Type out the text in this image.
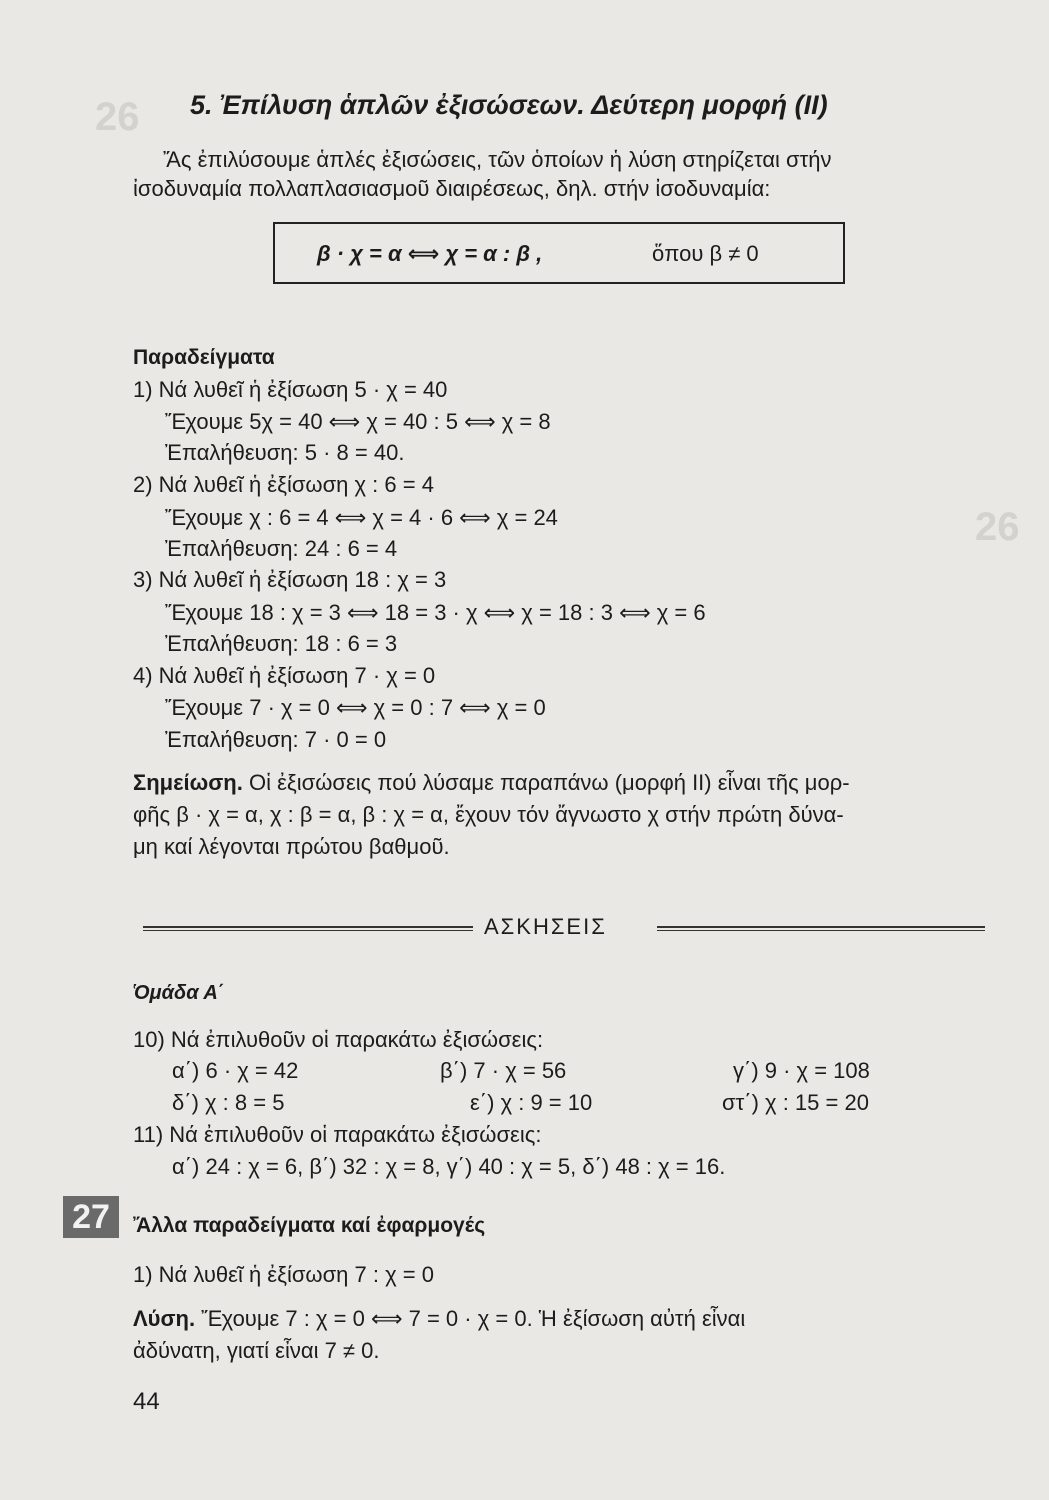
26
26
5. Ἐπίλυση ἁπλῶν ἐξισώσεων. Δεύτερη μορφή (ΙΙ)
Ἄς ἐπιλύσουμε ἁπλές ἐξισώσεις, τῶν ὁποίων ἡ λύση στηρίζεται στήν
ἰσοδυναμία πολλαπλασιασμοῦ διαιρέσεως, δηλ. στήν ἰσοδυναμία:
β · χ = α ⟺ χ = α : β ,	ὅπου β ≠ 0
Παραδείγματα
1) Νά λυθεῖ ἡ ἐξίσωση 5 · χ = 40
Ἔχουμε 5χ = 40 ⟺ χ = 40 : 5 ⟺ χ = 8
Ἐπαλήθευση: 5 · 8 = 40.
2) Νά λυθεῖ ἡ ἐξίσωση χ : 6 = 4
Ἔχουμε χ : 6 = 4 ⟺ χ = 4 · 6 ⟺ χ = 24
Ἐπαλήθευση: 24 : 6 = 4
3) Νά λυθεῖ ἡ ἐξίσωση 18 : χ = 3
Ἔχουμε 18 : χ = 3 ⟺ 18 = 3 · χ ⟺ χ = 18 : 3 ⟺ χ = 6
Ἐπαλήθευση: 18 : 6 = 3
4) Νά λυθεῖ ἡ ἐξίσωση 7 · χ = 0
Ἔχουμε 7 · χ = 0 ⟺ χ = 0 : 7 ⟺ χ = 0
Ἐπαλήθευση: 7 · 0 = 0
Σημείωση. Οἱ ἐξισώσεις πού λύσαμε παραπάνω (μορφή ΙΙ) εἶναι τῆς μορ-
φῆς β · χ = α, χ : β = α, β : χ = α, ἔχουν τόν ἄγνωστο χ στήν πρώτη δύνα-
μη καί λέγονται πρώτου βαθμοῦ.
ΑΣΚΗΣΕΙΣ
Ὁμάδα Α΄
10) Νά ἐπιλυθοῦν οἱ παρακάτω ἐξισώσεις:
α΄) 6 · χ = 42	β΄) 7 · χ = 56	γ΄) 9 · χ = 108
δ΄) χ : 8 = 5	ε΄) χ : 9 = 10	στ΄) χ : 15 = 20
11) Νά ἐπιλυθοῦν οἱ παρακάτω ἐξισώσεις:
α΄) 24 : χ = 6, β΄) 32 : χ = 8, γ΄) 40 : χ = 5, δ΄) 48 : χ = 16.
27	Ἄλλα παραδείγματα καί ἐφαρμογές
1) Νά λυθεῖ ἡ ἐξίσωση 7 : χ = 0
Λύση. Ἔχουμε 7 : χ = 0 ⟺ 7 = 0 · χ = 0. Ἡ ἐξίσωση αὐτή εἶναι
ἀδύνατη, γιατί εἶναι 7 ≠ 0.
44
